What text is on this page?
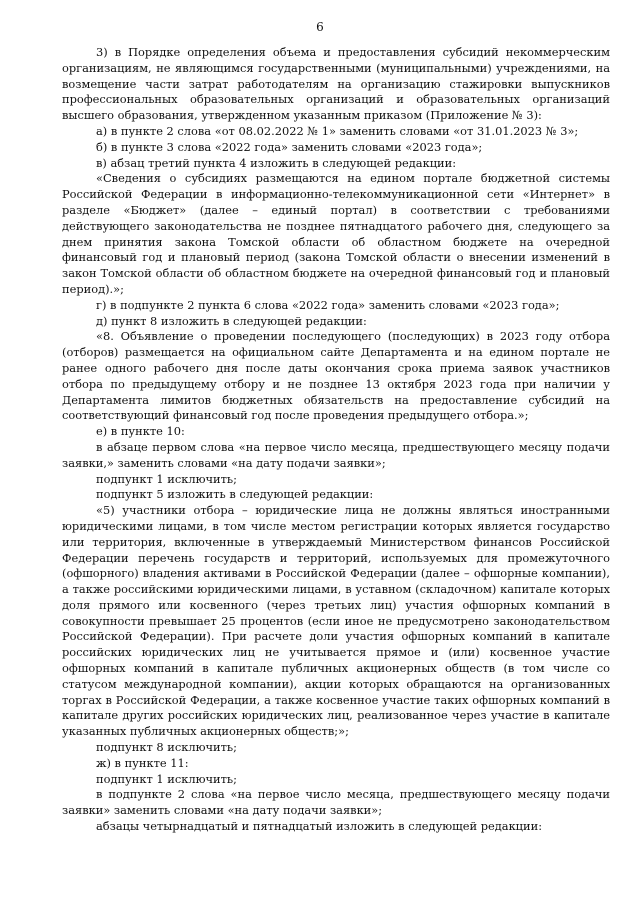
6

3) в Порядке определения объема и предоставления субсидий некоммерческим организациям, не являющимся государственными (муниципальными) учреждениями, на возмещение части затрат работодателям на организацию стажировки выпускников профессиональных образовательных организаций и образовательных организаций высшего образования, утвержденном указанным приказом (Приложение № 3):

а) в пункте 2 слова «от 08.02.2022 № 1» заменить словами «от 31.01.2023 № 3»;

б) в пункте 3 слова «2022 года» заменить словами «2023 года»;

в) абзац третий пункта 4 изложить в следующей редакции:

«Сведения о субсидиях размещаются на едином портале бюджетной системы Российской Федерации в информационно-телекоммуникационной сети «Интернет» в разделе «Бюджет» (далее – единый портал) в соответствии с требованиями действующего законодательства не позднее пятнадцатого рабочего дня, следующего за днем принятия закона Томской области об областном бюджете на очередной финансовый год и плановый период (закона Томской области о внесении изменений в закон Томской области об областном бюджете на очередной финансовый год и плановый период).»;

г) в подпункте 2 пункта 6 слова «2022 года» заменить словами «2023 года»;

д) пункт 8 изложить в следующей редакции:

«8. Объявление о проведении последующего (последующих) в 2023 году отбора (отборов) размещается на официальном сайте Департамента и на едином портале не ранее одного рабочего дня после даты окончания срока приема заявок участников отбора по предыдущему отбору и не позднее 13 октября 2023 года при наличии у Департамента лимитов бюджетных обязательств на предоставление субсидий на соответствующий финансовый год после проведения предыдущего отбора.»;

е) в пункте 10:

в абзаце первом слова «на первое число месяца, предшествующего месяцу подачи заявки,» заменить словами «на дату подачи заявки»;

подпункт 1 исключить;

подпункт 5 изложить в следующей редакции:

«5) участники отбора – юридические лица не должны являться иностранными юридическими лицами, в том числе местом регистрации которых является государство или территория, включенные в утверждаемый Министерством финансов Российской Федерации перечень государств и территорий, используемых для промежуточного (офшорного) владения активами в Российской Федерации (далее – офшорные компании), а также российскими юридическими лицами, в уставном (складочном) капитале которых доля прямого или косвенного (через третьих лиц) участия офшорных компаний в совокупности превышает 25 процентов (если иное не предусмотрено законодательством Российской Федерации). При расчете доли участия офшорных компаний в капитале российских юридических лиц не учитывается прямое и (или) косвенное участие офшорных компаний в капитале публичных акционерных обществ (в том числе со статусом международной компании), акции которых обращаются на организованных торгах в Российской Федерации, а также косвенное участие таких офшорных компаний в капитале других российских юридических лиц, реализованное через участие в капитале указанных публичных акционерных обществ;»;

подпункт 8 исключить;

ж) в пункте 11:

подпункт 1 исключить;

в подпункте 2 слова «на первое число месяца, предшествующего месяцу подачи заявки» заменить словами «на дату подачи заявки»;

абзацы четырнадцатый и пятнадцатый изложить в следующей редакции:
